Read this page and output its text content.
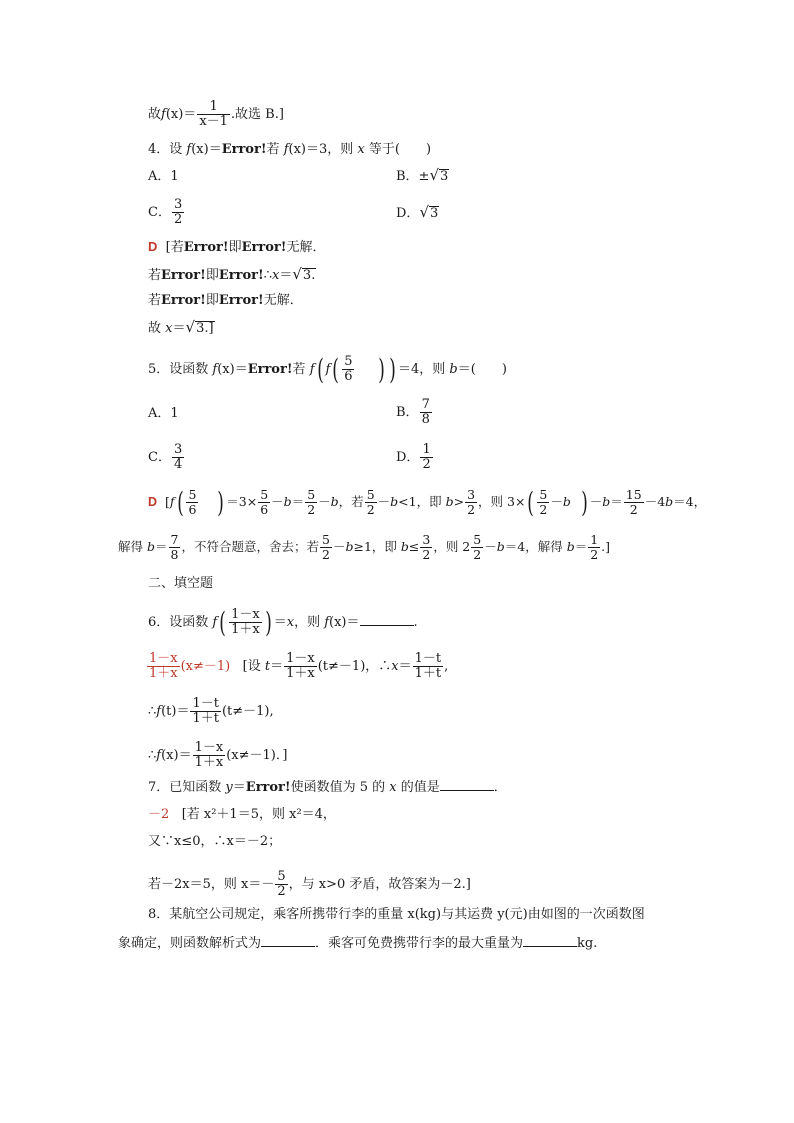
故$f(x)= \frac{1}{x-1}$ .故选 B.]
4．设 f(x)＝Error!若 f(x)＝3，则 x 等于(　　)
A．1	B．±√3
C． $\frac{3}{2}$	D．√3
D [若Error!即Error!无解．
若Error!即Error!∴x＝√3.
若Error!即Error!无解．
故 x＝√3.]
5．设函数 f(x)＝Error!若 f( $f( \frac{5}{6}$ ) ) ＝4，则 b＝(　　)
A．1	B． $\frac{7}{8}$
C． $\frac{3}{4}$	D． $\frac{1}{2}$
D [$f( \frac{5}{6}$ ) $=3\times \frac{5}{6} -b= \frac{5}{2} -b$，若 $\frac{5}{2} -b<1$，即 $b> \frac{3}{2}$ ，则 $3\times( \frac{5}{2} -b$ ) $-b= \frac{15}{2} -4b=4$，
解得 $b= \frac{7}{8}$ ，不符合题意，舍去；若 $\frac{5}{2} -b\ge 1$，即 $b\le \frac{3}{2}$ ，则 $2 \frac{5}{2} -b=4$，解得 $b= \frac{1}{2}$ .]
二、填空题
6．设函数 $f( \frac{1-x}{1+x}$ ) ＝x，则 f(x)＝	.
$\frac{1-x}{1+x} (x\ne-1)$ [设 $t= \frac{1-x}{1+x} (t\ne-1)$，∴x＝ $\frac{1-t}{1+t}$ ,
∴f(t)＝ $\frac{1-t}{1+t} (t\ne-1)$,
∴f(x)＝ $\frac{1-x}{1+x} (x\ne-1)$．]
7．已知函数 y＝Error!使函数值为 5 的 x 的值是	．
－2 [若 x²＋1＝5，则 x²＝4，
又∵x≤0，∴x＝－2；
若－2x＝5，则 $x=- \frac{5}{2}$ ，与 x>0 矛盾，故答案为－2.]
8．某航空公司规定，乘客所携带行李的重量 x(kg)与其运费 y(元)由如图的一次函数图
象确定，则函数解析式为	．乘客可免费携带行李的最大重量为	kg.
